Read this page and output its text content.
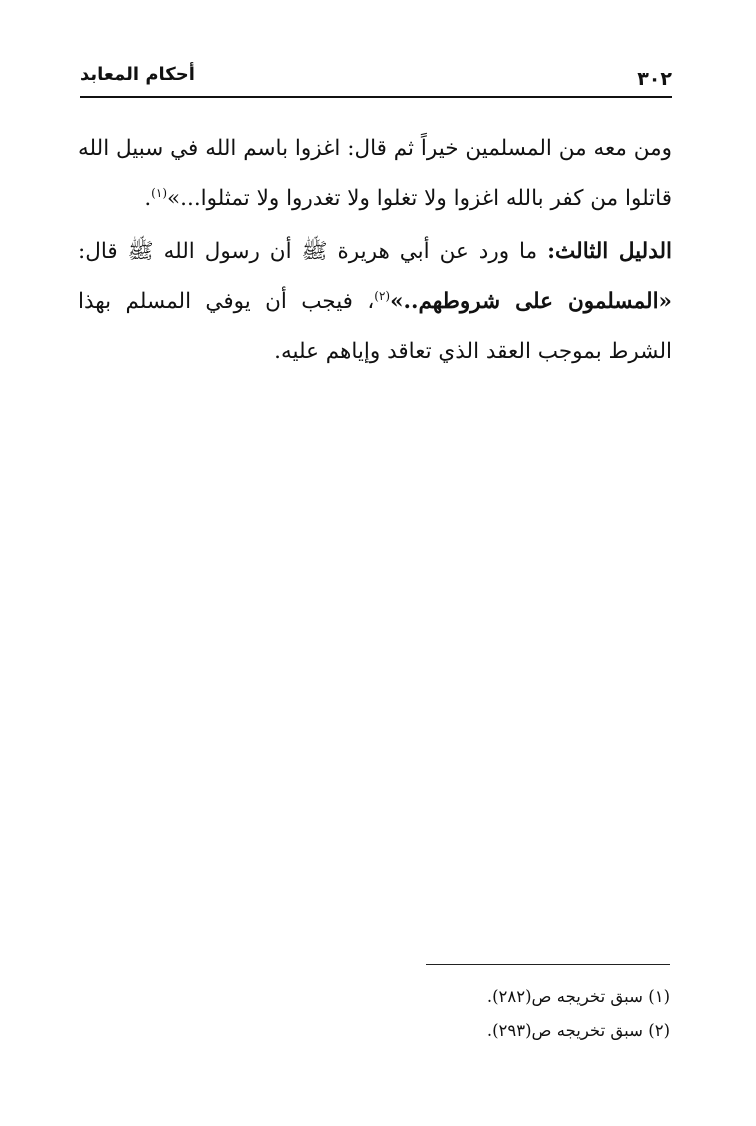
أحكام المعابد	٣٠٢

ومن معه من المسلمين خيراً ثم قال: اغزوا باسم الله في سبيل الله قاتلوا من كفر بالله اغزوا ولا تغلوا ولا تغدروا ولا تمثلوا...»$^{(١)}$.

الدليل الثالث: ما ورد عن أبي هريرة ﷺ أن رسول الله ﷺ قال: «المسلمون على شروطهم..»$^{(٢)}$، فيجب أن يوفي المسلم بهذا الشرط بموجب العقد الذي تعاقد وإياهم عليه.

(١) سبق تخريجه ص(٢٨٢).

(٢) سبق تخريجه ص(٢٩٣).
